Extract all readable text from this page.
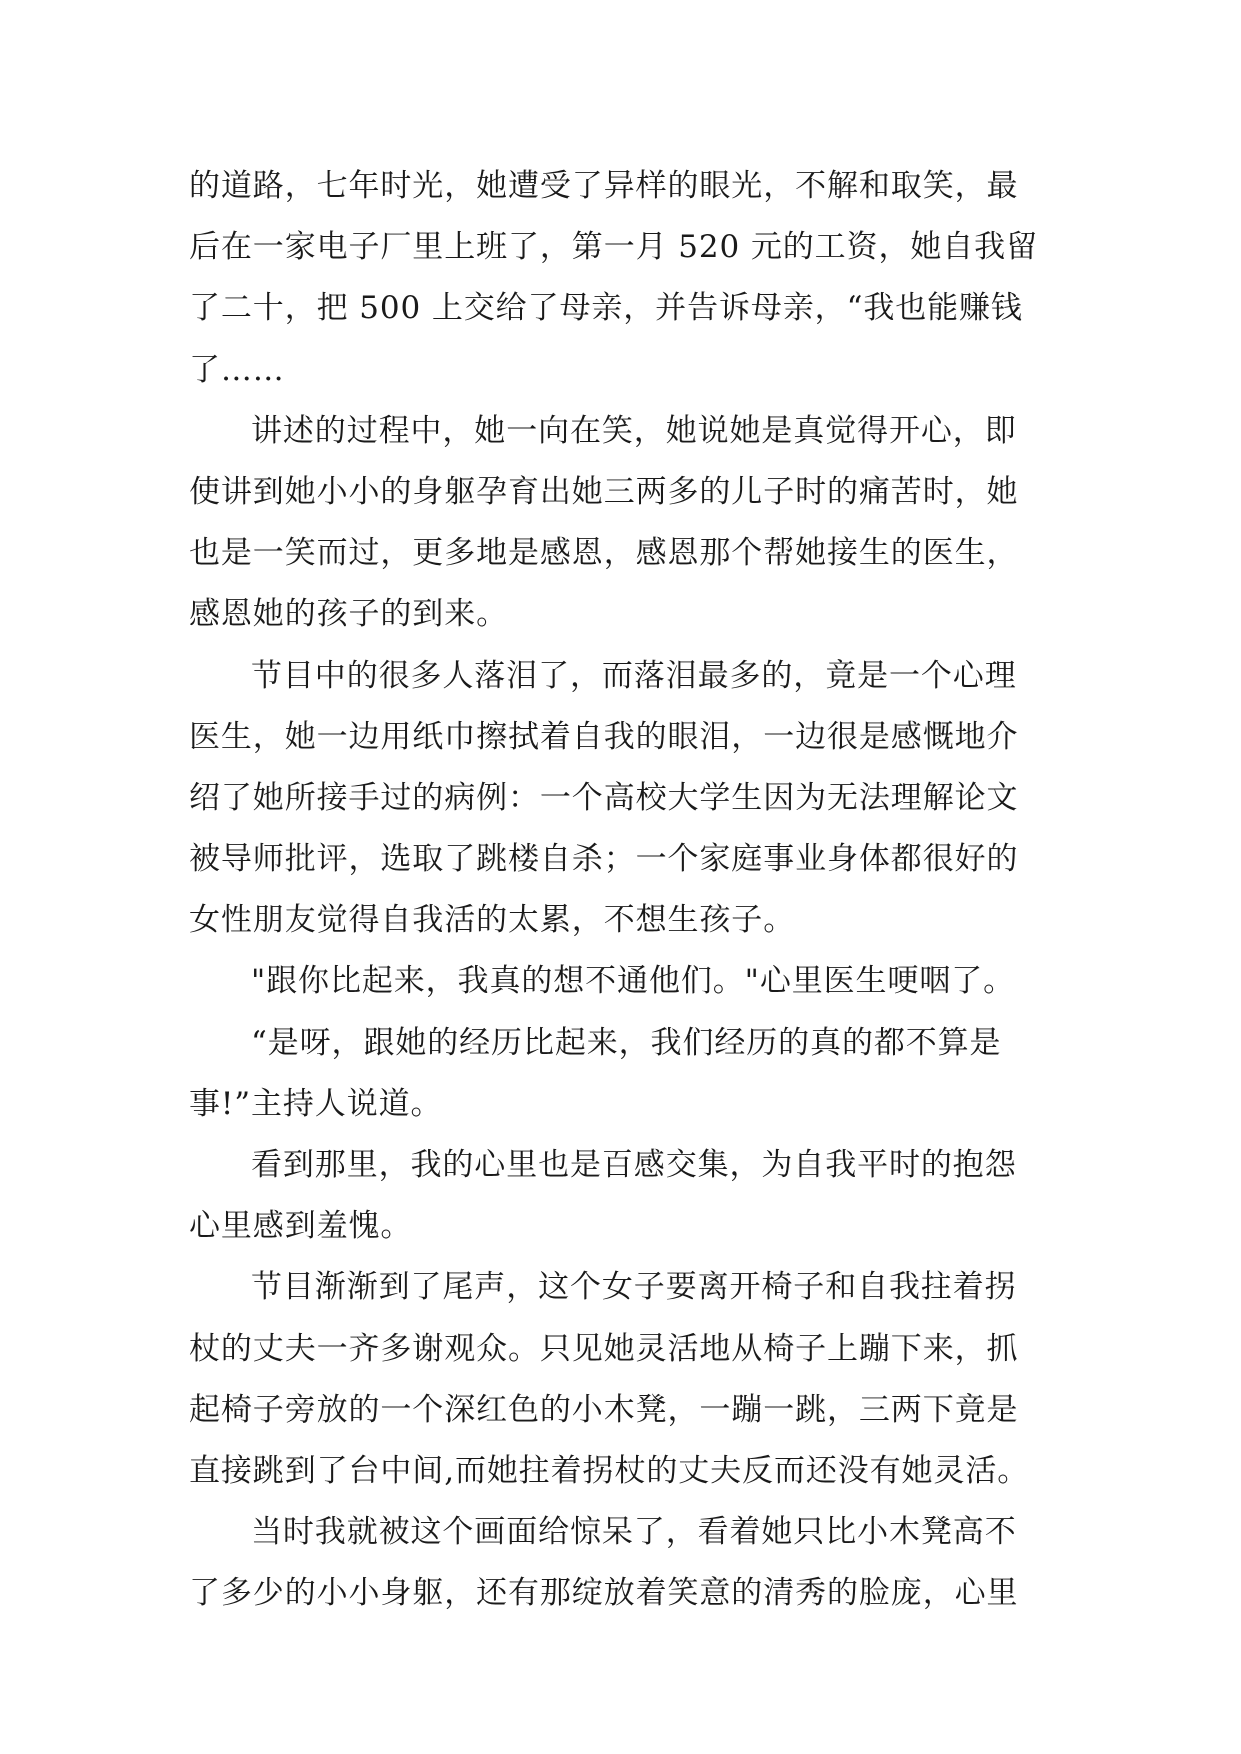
的道路，七年时光，她遭受了异样的眼光，不解和取笑，最
后在一家电子厂里上班了，第一月 520 元的工资，她自我留
了二十，把 500 上交给了母亲，并告诉母亲，“我也能赚钱
了……
讲述的过程中，她一向在笑，她说她是真觉得开心，即
使讲到她小小的身躯孕育出她三两多的儿子时的痛苦时，她
也是一笑而过，更多地是感恩，感恩那个帮她接生的医生，
感恩她的孩子的到来。
节目中的很多人落泪了，而落泪最多的，竟是一个心理
医生，她一边用纸巾擦拭着自我的眼泪，一边很是感慨地介
绍了她所接手过的病例：一个高校大学生因为无法理解论文
被导师批评，选取了跳楼自杀；一个家庭事业身体都很好的
女性朋友觉得自我活的太累，不想生孩子。
"跟你比起来，我真的想不通他们。"心里医生哽咽了。
“是呀，跟她的经历比起来，我们经历的真的都不算是
事!”主持人说道。
看到那里，我的心里也是百感交集，为自我平时的抱怨
心里感到羞愧。
节目渐渐到了尾声，这个女子要离开椅子和自我拄着拐
杖的丈夫一齐多谢观众。只见她灵活地从椅子上蹦下来，抓
起椅子旁放的一个深红色的小木凳，一蹦一跳，三两下竟是
直接跳到了台中间,而她拄着拐杖的丈夫反而还没有她灵活。
当时我就被这个画面给惊呆了，看着她只比小木凳高不
了多少的小小身躯，还有那绽放着笑意的清秀的脸庞，心里
